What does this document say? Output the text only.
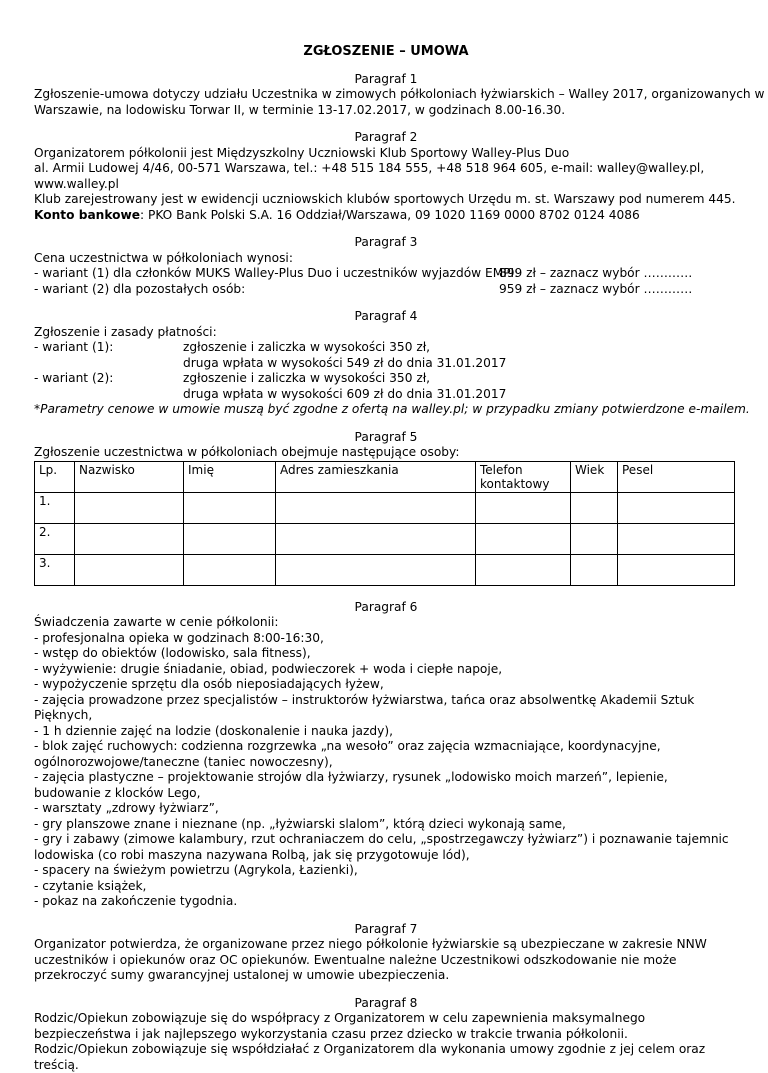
ZGŁOSZENIE – UMOWA
Paragraf 1
Zgłoszenie-umowa dotyczy udziału Uczestnika w zimowych półkoloniach łyżwiarskich – Walley 2017, organizowanych w
Warszawie, na lodowisku Torwar II, w terminie 13-17.02.2017, w godzinach 8.00-16.30.
Paragraf 2
Organizatorem półkolonii jest Międzyszkolny Uczniowski Klub Sportowy Walley-Plus Duo
al. Armii Ludowej 4/46, 00-571 Warszawa, tel.: +48 515 184 555, +48 518 964 605, e-mail: walley@walley.pl,
www.walley.pl
Klub zarejestrowany jest w ewidencji uczniowskich klubów sportowych Urzędu m. st. Warszawy pod numerem 445.
Konto bankowe: PKO Bank Polski S.A. 16 Oddział/Warszawa, 09 1020 1169 0000 8702 0124 4086
Paragraf 3
Cena uczestnictwa w półkoloniach wynosi:
- wariant (1) dla członków MUKS Walley-Plus Duo i uczestników wyjazdów EMPI:
899 zł – zaznacz wybór …………
- wariant (2) dla pozostałych osób:	959 zł – zaznacz wybór …………
Paragraf 4
Zgłoszenie i zasady płatności:
- wariant (1):	zgłoszenie i zaliczka w wysokości 350 zł,
druga wpłata w wysokości 549 zł do dnia 31.01.2017
- wariant (2):	zgłoszenie i zaliczka w wysokości 350 zł,
druga wpłata w wysokości 609 zł do dnia 31.01.2017
*Parametry cenowe w umowie muszą być zgodne z ofertą na walley.pl; w przypadku zmiany potwierdzone e-mailem.
Paragraf 5
Zgłoszenie uczestnictwa w półkoloniach obejmuje następujące osoby:
Lp.	Nazwisko	Imię	Adres zamieszkania	Telefon kontaktowy	Wiek	Pesel
1.						
2.						
3.						
Paragraf 6
Świadczenia zawarte w cenie półkolonii:
- profesjonalna opieka w godzinach 8:00-16:30,
- wstęp do obiektów (lodowisko, sala fitness),
- wyżywienie: drugie śniadanie, obiad, podwieczorek + woda i ciepłe napoje,
- wypożyczenie sprzętu dla osób nieposiadających łyżew,
- zajęcia prowadzone przez specjalistów – instruktorów łyżwiarstwa, tańca oraz absolwentkę Akademii Sztuk Pięknych,
- 1 h dziennie zajęć na lodzie (doskonalenie i nauka jazdy),
- blok zajęć ruchowych: codzienna rozgrzewka „na wesoło” oraz zajęcia wzmacniające, koordynacyjne, ogólnorozwojowe/taneczne (taniec nowoczesny),
- zajęcia plastyczne – projektowanie strojów dla łyżwiarzy, rysunek „lodowisko moich marzeń”, lepienie, budowanie z klocków Lego,
- warsztaty „zdrowy łyżwiarz”,
- gry planszowe znane i nieznane (np. „łyżwiarski slalom”, którą dzieci wykonają same,
- gry i zabawy (zimowe kalambury, rzut ochraniaczem do celu, „spostrzegawczy łyżwiarz”) i poznawanie tajemnic lodowiska (co robi maszyna nazywana Rolbą, jak się przygotowuje lód),
- spacery na świeżym powietrzu (Agrykola, Łazienki),
- czytanie książek,
- pokaz na zakończenie tygodnia.
Paragraf 7
Organizator potwierdza, że organizowane przez niego półkolonie łyżwiarskie są ubezpieczane w zakresie NNW uczestników i opiekunów oraz OC opiekunów. Ewentualne należne Uczestnikowi odszkodowanie nie może przekroczyć sumy gwarancyjnej ustalonej w umowie ubezpieczenia.
Paragraf 8
Rodzic/Opiekun zobowiązuje się do współpracy z Organizatorem w celu zapewnienia maksymalnego bezpieczeństwa i jak najlepszego wykorzystania czasu przez dziecko w trakcie trwania półkolonii.
Rodzic/Opiekun zobowiązuje się współdziałać z Organizatorem dla wykonania umowy zgodnie z jej celem oraz treścią.
